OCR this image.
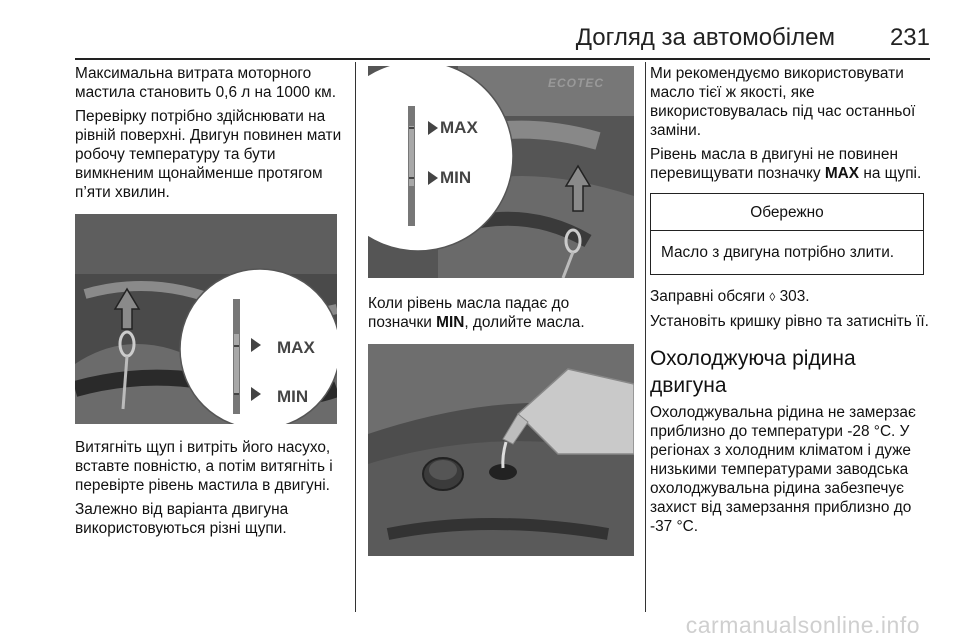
Догляд за автомобілем 231

Максимальна витрата моторного мастила становить 0,6 л на 1000 км.

Перевірку потрібно здійснювати на рівній поверхні. Двигун повинен мати робочу температуру та бути вимкненим щонайменше протягом п’яти хвилин.

MAX
MIN

Витягніть щуп і витріть його насухо, вставте повністю, а потім витягніть і перевірте рівень мастила в двигуні.

Залежно від варіанта двигуна використовуються різні щупи.

MAX
MIN
ECOTEC

Коли рівень масла падає до позначки MIN, долийте масла.

Ми рекомендуємо використовувати масло тієї ж якості, яке використовувалась під час останньої заміни.

Рівень масла в двигуні не повинен перевищувати позначку MAX на щупі.

Обережно
Масло з двигуна потрібно злити.

Заправні обсяги ◊ 303.

Установіть кришку рівно та затисніть її.

Охолоджуюча рідина двигуна

Охолоджувальна рідина не замерзає приблизно до температури -28 °C. У регіонах з холодним кліматом і дуже низькими температурами заводська охолоджувальна рідина забезпечує захист від замерзання приблизно до -37 °C.

carmanualsonline.info
